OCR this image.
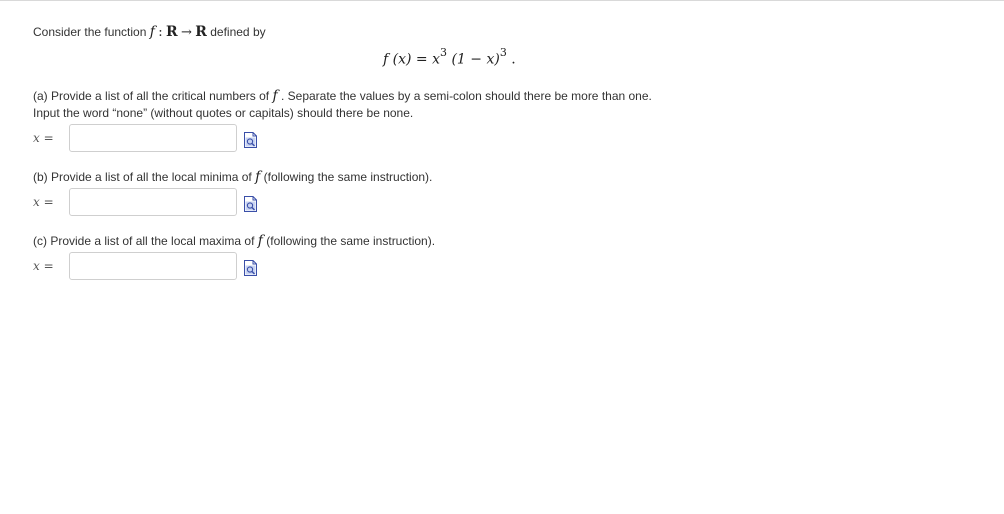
Consider the function f : R → R defined by
f $(x) = x^3$ $(1 - x)^3$ .
(a) Provide a list of all the critical numbers of f . Separate the values by a semi-colon should there be more than one.
Input the word “none” (without quotes or capitals) should there be none.
x =
(b) Provide a list of all the local minima of f (following the same instruction).
x =
(c) Provide a list of all the local maxima of f (following the same instruction).
x =
